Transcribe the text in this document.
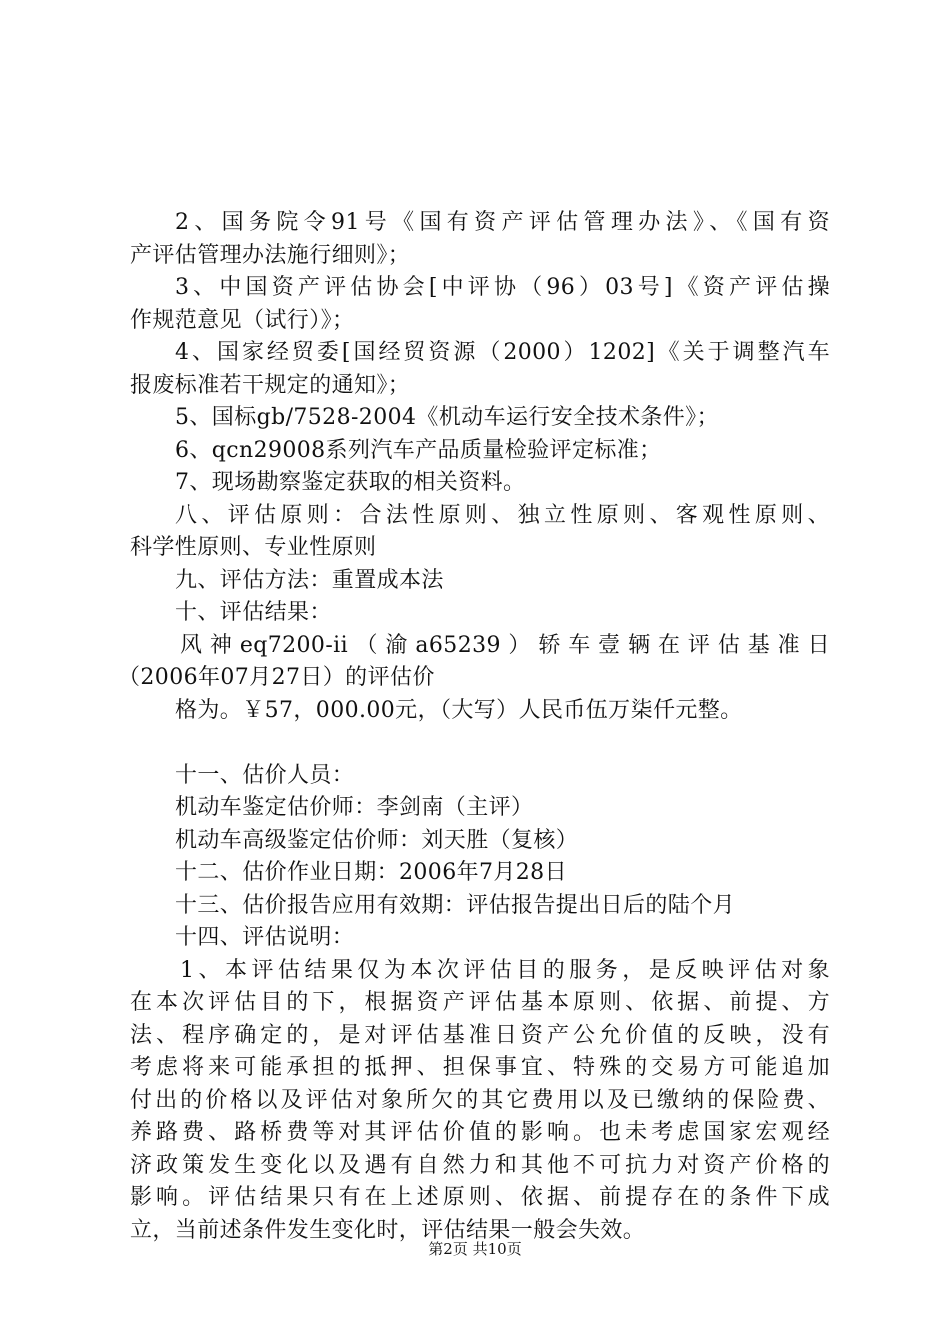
2、国务院令91号《国有资产评估管理办法》、《国有资
产评估管理办法施行细则》；
3、中国资产评估协会[中评协（96）03号]《资产评估操
作规范意见（试行）》；
4、国家经贸委[国经贸资源（2000）1202]《关于调整汽车
报废标准若干规定的通知》；
5、国标gb/7528-2004《机动车运行安全技术条件》；
6、qcn29008系列汽车产品质量检验评定标准；
7、现场勘察鉴定获取的相关资料。
八、评估原则：合法性原则、独立性原则、客观性原则、
科学性原则、专业性原则
九、评估方法：重置成本法
十、评估结果：
风神eq7200-ii（渝a65239）轿车壹辆在评估基准日
（2006年07月27日）的评估价
格为。￥57，000.00元，（大写）人民币伍万柒仟元整。
十一、估价人员：
机动车鉴定估价师：李剑南（主评）
机动车高级鉴定估价师：刘天胜（复核）
十二、估价作业日期：2006年7月28日
十三、估价报告应用有效期：评估报告提出日后的陆个月
十四、评估说明：
1、本评估结果仅为本次评估目的服务，是反映评估对象
在本次评估目的下，根据资产评估基本原则、依据、前提、方
法、程序确定的，是对评估基准日资产公允价值的反映，没有
考虑将来可能承担的抵押、担保事宜、特殊的交易方可能追加
付出的价格以及评估对象所欠的其它费用以及已缴纳的保险费、
养路费、路桥费等对其评估价值的影响。也未考虑国家宏观经
济政策发生变化以及遇有自然力和其他不可抗力对资产价格的
影响。评估结果只有在上述原则、依据、前提存在的条件下成
立，当前述条件发生变化时，评估结果一般会失效。
第2页 共10页
